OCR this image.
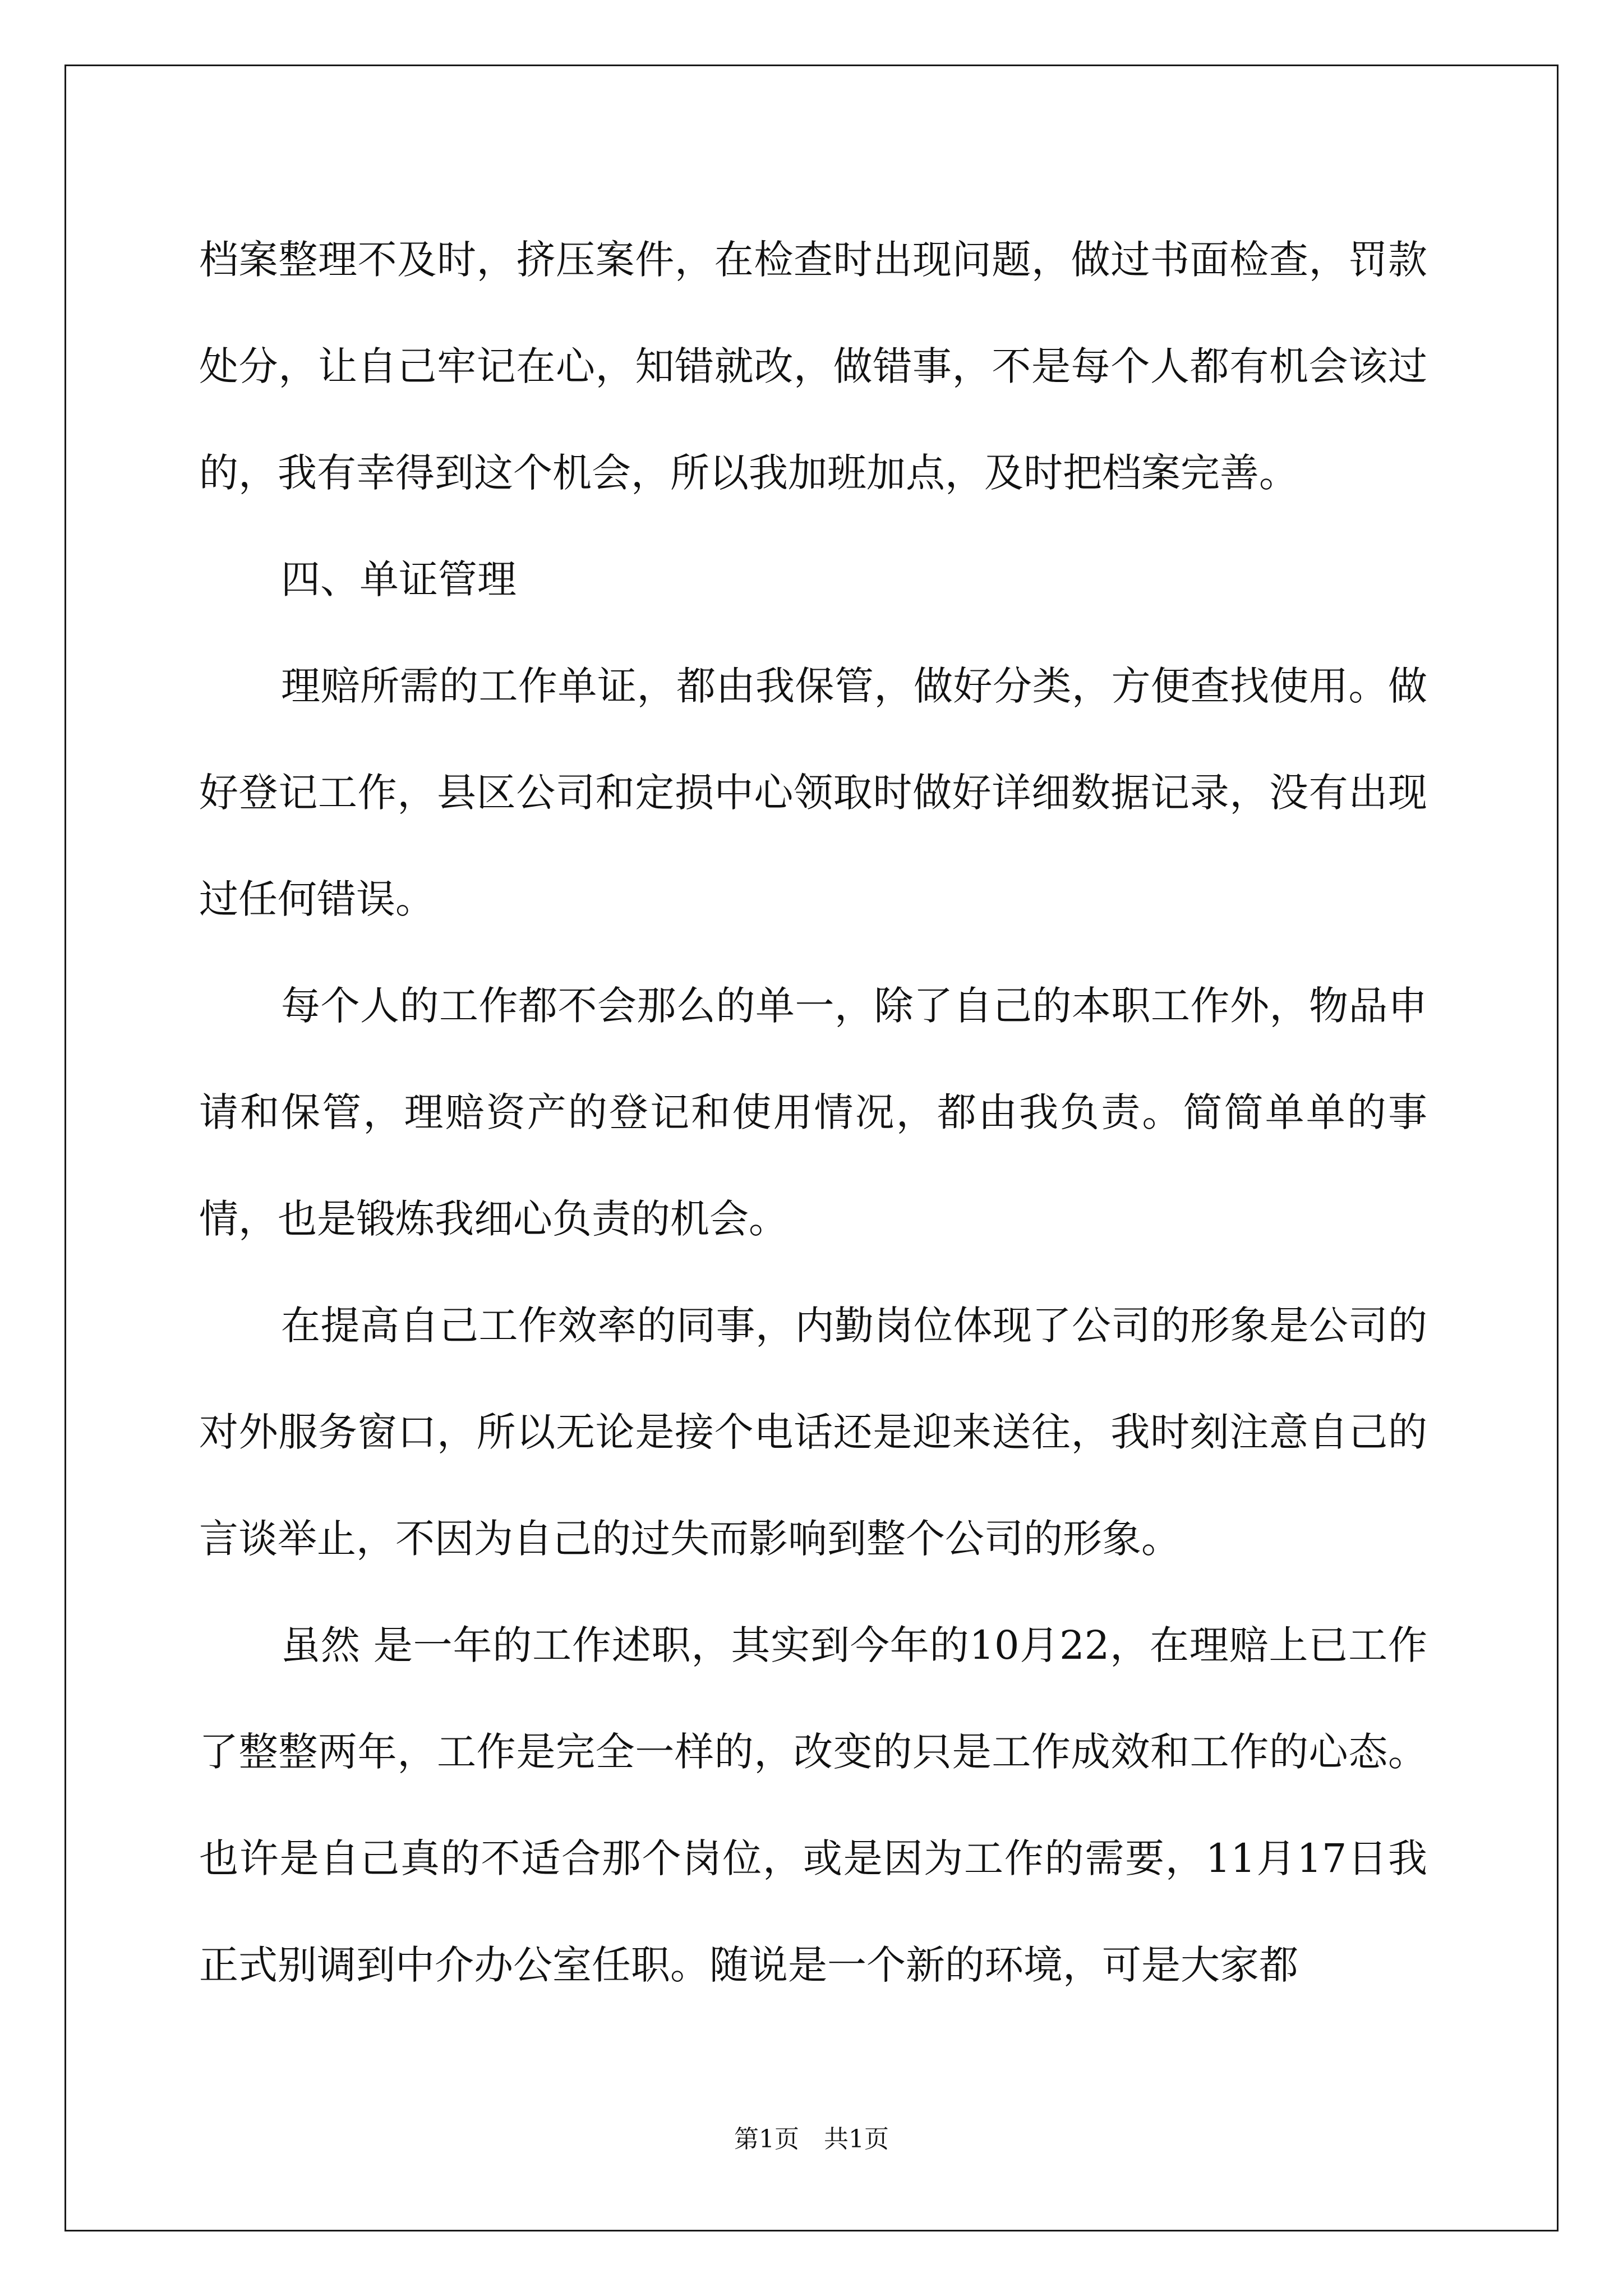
档案整理不及时，挤压案件，在检查时出现问题，做过书面检查，罚款处分，让自己牢记在心，知错就改，做错事，不是每个人都有机会该过的，我有幸得到这个机会，所以我加班加点，及时把档案完善。

四、单证管理

理赔所需的工作单证，都由我保管，做好分类，方便查找使用。做好登记工作，县区公司和定损中心领取时做好详细数据记录，没有出现过任何错误。

每个人的工作都不会那么的单一，除了自己的本职工作外，物品申请和保管，理赔资产的登记和使用情况，都由我负责。简简单单的事情，也是锻炼我细心负责的机会。

在提高自己工作效率的同事，内勤岗位体现了公司的形象是公司的对外服务窗口，所以无论是接个电话还是迎来送往，我时刻注意自己的言谈举止，不因为自己的过失而影响到整个公司的形象。

虽然 是一年的工作述职，其实到今年的10月22，在理赔上已工作了整整两年，工作是完全一样的，改变的只是工作成效和工作的心态。也许是自己真的不适合那个岗位，或是因为工作的需要，11月17日我正式别调到中介办公室任职。随说是一个新的环境，可是大家都

第1页 共1页
